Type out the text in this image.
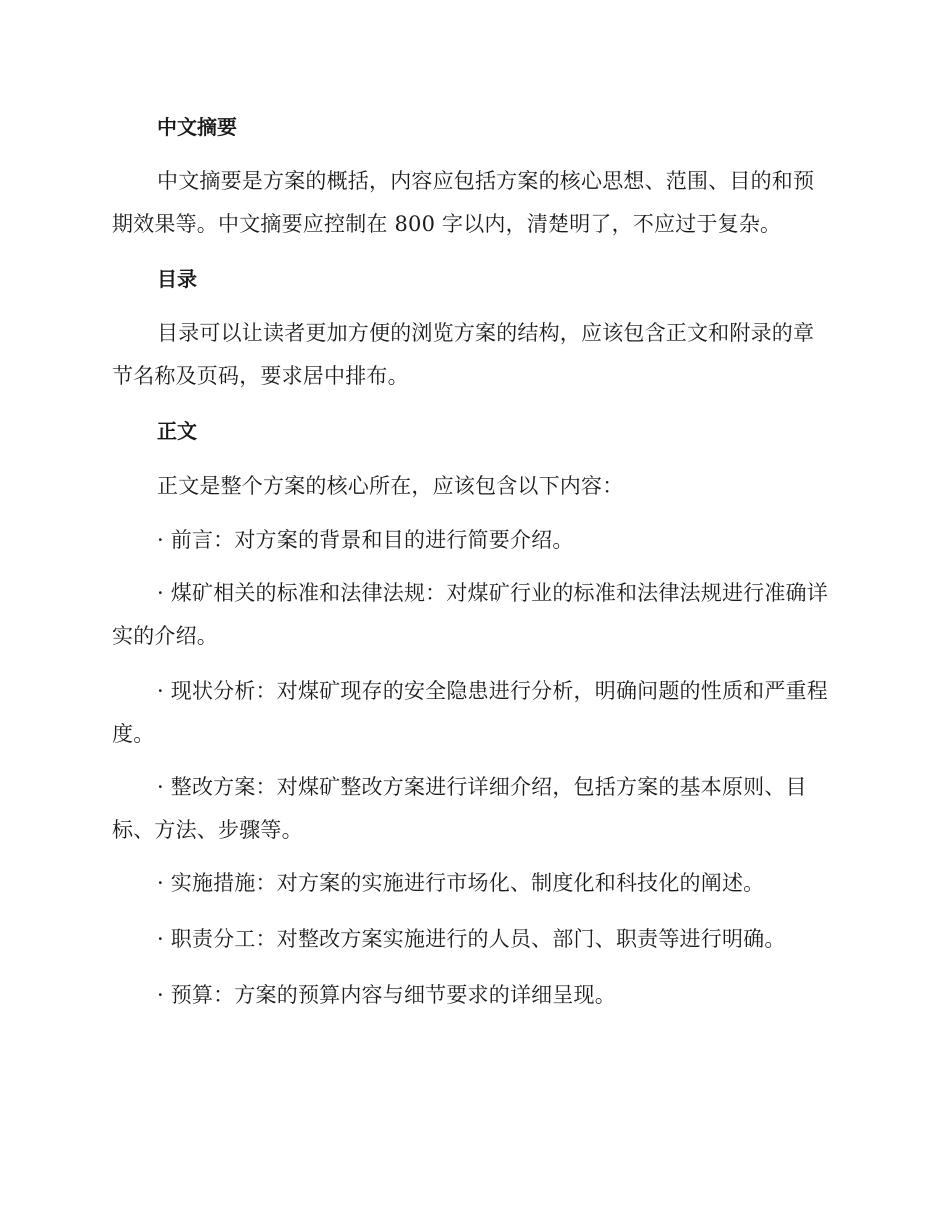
中文摘要

中文摘要是方案的概括，内容应包括方案的核心思想、范围、目的和预期效果等。中文摘要应控制在 800 字以内，清楚明了，不应过于复杂。

目录

目录可以让读者更加方便的浏览方案的结构，应该包含正文和附录的章节名称及页码，要求居中排布。

正文

正文是整个方案的核心所在，应该包含以下内容：

· 前言：对方案的背景和目的进行简要介绍。

· 煤矿相关的标准和法律法规：对煤矿行业的标准和法律法规进行准确详实的介绍。

· 现状分析：对煤矿现存的安全隐患进行分析，明确问题的性质和严重程度。

· 整改方案：对煤矿整改方案进行详细介绍，包括方案的基本原则、目标、方法、步骤等。

· 实施措施：对方案的实施进行市场化、制度化和科技化的阐述。

· 职责分工：对整改方案实施进行的人员、部门、职责等进行明确。

· 预算：方案的预算内容与细节要求的详细呈现。
